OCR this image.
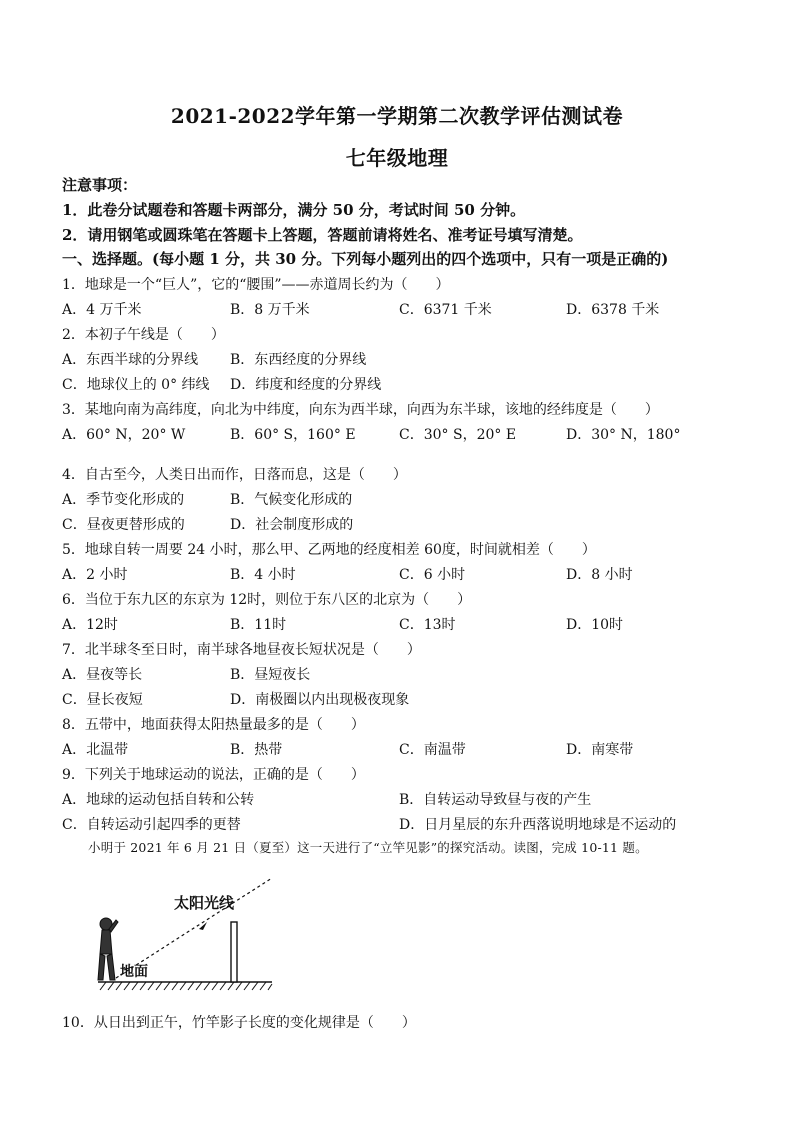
2021-2022学年第一学期第二次教学评估测试卷
七年级地理
注意事项：
1．此卷分试题卷和答题卡两部分，满分 50 分，考试时间 50 分钟。
2．请用钢笔或圆珠笔在答题卡上答题，答题前请将姓名、准考证号填写清楚。
一、选择题。(每小题 1 分，共 30 分。下列每小题列出的四个选项中，只有一项是正确的)
1．地球是一个“巨人”，它的“腰围”——赤道周长约为（　　）
A．4 万千米	B．8 万千米	C．6371 千米	D．6378 千米
2．本初子午线是（　　）
A．东西半球的分界线 B．东西经度的分界线
C．地球仪上的 0° 纬线 D．纬度和经度的分界线
3．某地向南为高纬度，向北为中纬度，向东为西半球，向西为东半球，该地的经纬度是（　　）
A．60° N，20° W	B．60° S，160° E	C．30° S，20° E	D．30° N，180°
4．自古至今，人类日出而作，日落而息，这是（　　）
A．季节变化形成的	B．气候变化形成的
C．昼夜更替形成的	D．社会制度形成的
5．地球自转一周要 24 小时，那么甲、乙两地的经度相差 60度，时间就相差（　　）
A．2 小时	B．4 小时	C．6 小时	D．8 小时
6．当位于东九区的东京为 12时，则位于东八区的北京为（　　）
A．12时	B．11时	C．13时	D．10时
7．北半球冬至日时，南半球各地昼夜长短状况是（　　）
A．昼夜等长	B．昼短夜长
C．昼长夜短	D．南极圈以内出现极夜现象
8．五带中，地面获得太阳热量最多的是（　　）
A．北温带	B．热带	C．南温带	D．南寒带
9．下列关于地球运动的说法，正确的是（　　）
A．地球的运动包括自转和公转	B．自转运动导致昼与夜的产生
C．自转运动引起四季的更替	D．日月星辰的东升西落说明地球是不运动的
小明于 2021 年 6 月 21 日（夏至）这一天进行了“立竿见影”的探究活动。读图，完成 10-11 题。
太阳光线
地面
10．从日出到正午，竹竿影子长度的变化规律是（　　）
